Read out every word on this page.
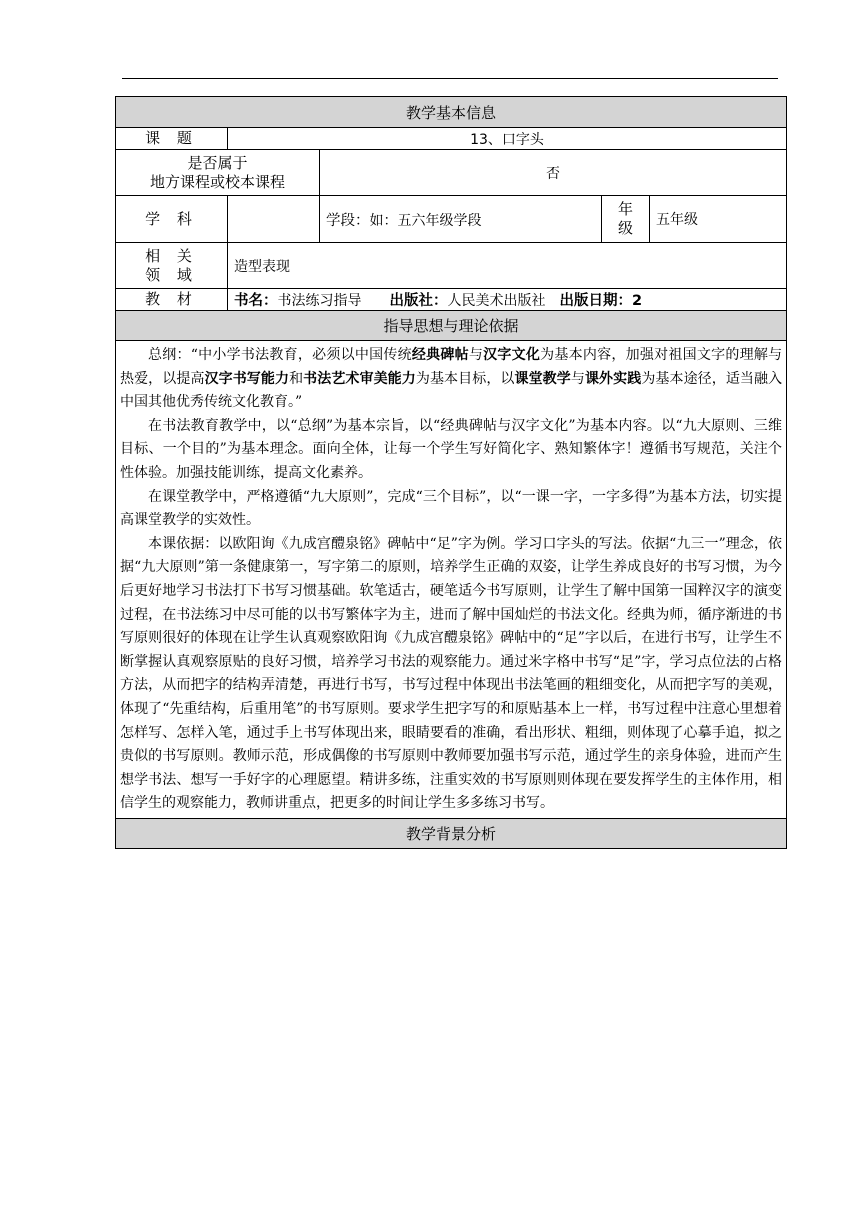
教学基本信息				
课 题	13、口字头			

是否属于
地方课程或校本课程		否		
学 科		学段：如：五六年级学段	年
级	五年级

相 关
领 域	造型表现			
教 材	书名：书法练习指导 出版社：人民美术出版社 出版日期：2			
指导思想与理论依据				

总纲：“中小学书法教育，必须以中国传统经典碑帖与汉字文化为基本内容，加强对祖国文字的理解与热爱，以提高汉字书写能力和书法艺术审美能力为基本目标，以课堂教学与课外实践为基本途径，适当融入中国其他优秀传统文化教育。”

在书法教育教学中，以“总纲”为基本宗旨，以“经典碑帖与汉字文化”为基本内容。以“九大原则、三维目标、一个目的”为基本理念。面向全体，让每一个学生写好简化字、熟知繁体字！遵循书写规范，关注个性体验。加强技能训练，提高文化素养。

在课堂教学中，严格遵循“九大原则”，完成“三个目标”，以“一课一字，一字多得”为基本方法，切实提高课堂教学的实效性。

本课依据：以欧阳询《九成宫醴泉铭》碑帖中“足”字为例。学习口字头的写法。依据“九三一”理念，依据“九大原则”第一条健康第一，写字第二的原则，培养学生正确的双姿，让学生养成良好的书写习惯，为今后更好地学习书法打下书写习惯基础。软笔适古，硬笔适今书写原则，让学生了解中国第一国粹汉字的演变过程，在书法练习中尽可能的以书写繁体字为主，进而了解中国灿烂的书法文化。经典为师，循序渐进的书写原则很好的体现在让学生认真观察欧阳询《九成宫醴泉铭》碑帖中的“足”字以后，在进行书写，让学生不断掌握认真观察原贴的良好习惯，培养学习书法的观察能力。通过米字格中书写“足”字，学习点位法的占格方法，从而把字的结构弄清楚，再进行书写，书写过程中体现出书法笔画的粗细变化，从而把字写的美观，体现了“先重结构，后重用笔”的书写原则。要求学生把字写的和原贴基本上一样，书写过程中注意心里想着怎样写、怎样入笔，通过手上书写体现出来，眼睛要看的准确，看出形状、粗细，则体现了心摹手追，拟之贵似的书写原则。教师示范，形成偶像的书写原则中教师要加强书写示范，通过学生的亲身体验，进而产生想学书法、想写一手好字的心理愿望。精讲多练，注重实效的书写原则则体现在要发挥学生的主体作用，相信学生的观察能力，教师讲重点，把更多的时间让学生多多练习书写。				

教学背景分析				
